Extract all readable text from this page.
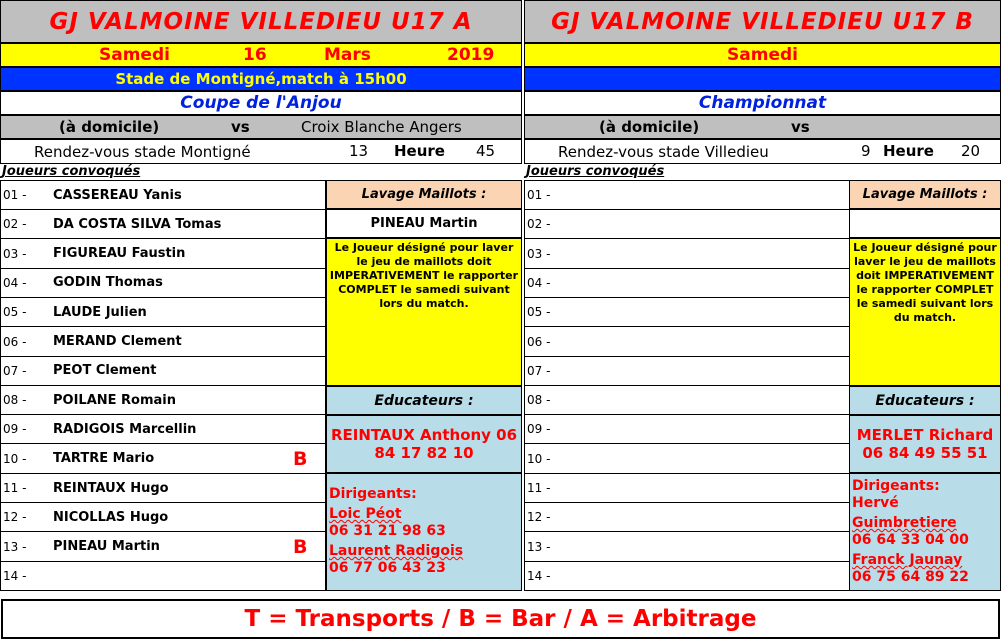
GJ VALMOINE VILLEDIEU U17 A
Samedi	16	Mars	2019
Stade de Montigné,match à 15h00
Coupe de l'Anjou
(à domicile)	vs	Croix Blanche Angers
Rendez-vous stade Montigné	13 Heure 45
Joueurs convoqués
01 - CASSEREAU Yanis
02 - DA COSTA SILVA Tomas
03 - FIGUREAU Faustin
04 - GODIN Thomas
05 - LAUDE Julien
06 - MERAND Clement
07 - PEOT Clement
08 - POILANE Romain
09 - RADIGOIS Marcellin
10 - TARTRE Mario	B
11 - REINTAUX Hugo
12 - NICOLLAS Hugo
13 - PINEAU Martin	B
14 -
Lavage Maillots :
PINEAU Martin
Le Joueur désigné pour laver le jeu de maillots doit IMPERATIVEMENT le rapporter COMPLET le samedi suivant lors du match.
Educateurs :
REINTAUX Anthony 06
84 17 82 10
Dirigeants:
Loic Péot
06 31 21 98 63
Laurent Radigois
06 77 06 43 23
GJ VALMOINE VILLEDIEU U17 B
Samedi
Championnat
(à domicile)	vs
Rendez-vous stade Villedieu	9 Heure 20
Joueurs convoqués
01 -
02 -
03 -
04 -
05 -
06 -
07 -
08 -
09 -
10 -
11 -
12 -
13 -
14 -
Lavage Maillots :
Le Joueur désigné pour laver le jeu de maillots doit IMPERATIVEMENT le rapporter COMPLET le samedi suivant lors du match.
Educateurs :
MERLET Richard
06 84 49 55 51
Dirigeants:
Hervé
Guimbretiere
06 64 33 04 00
Franck Jaunay
06 75 64 89 22
T = Transports / B = Bar / A = Arbitrage
